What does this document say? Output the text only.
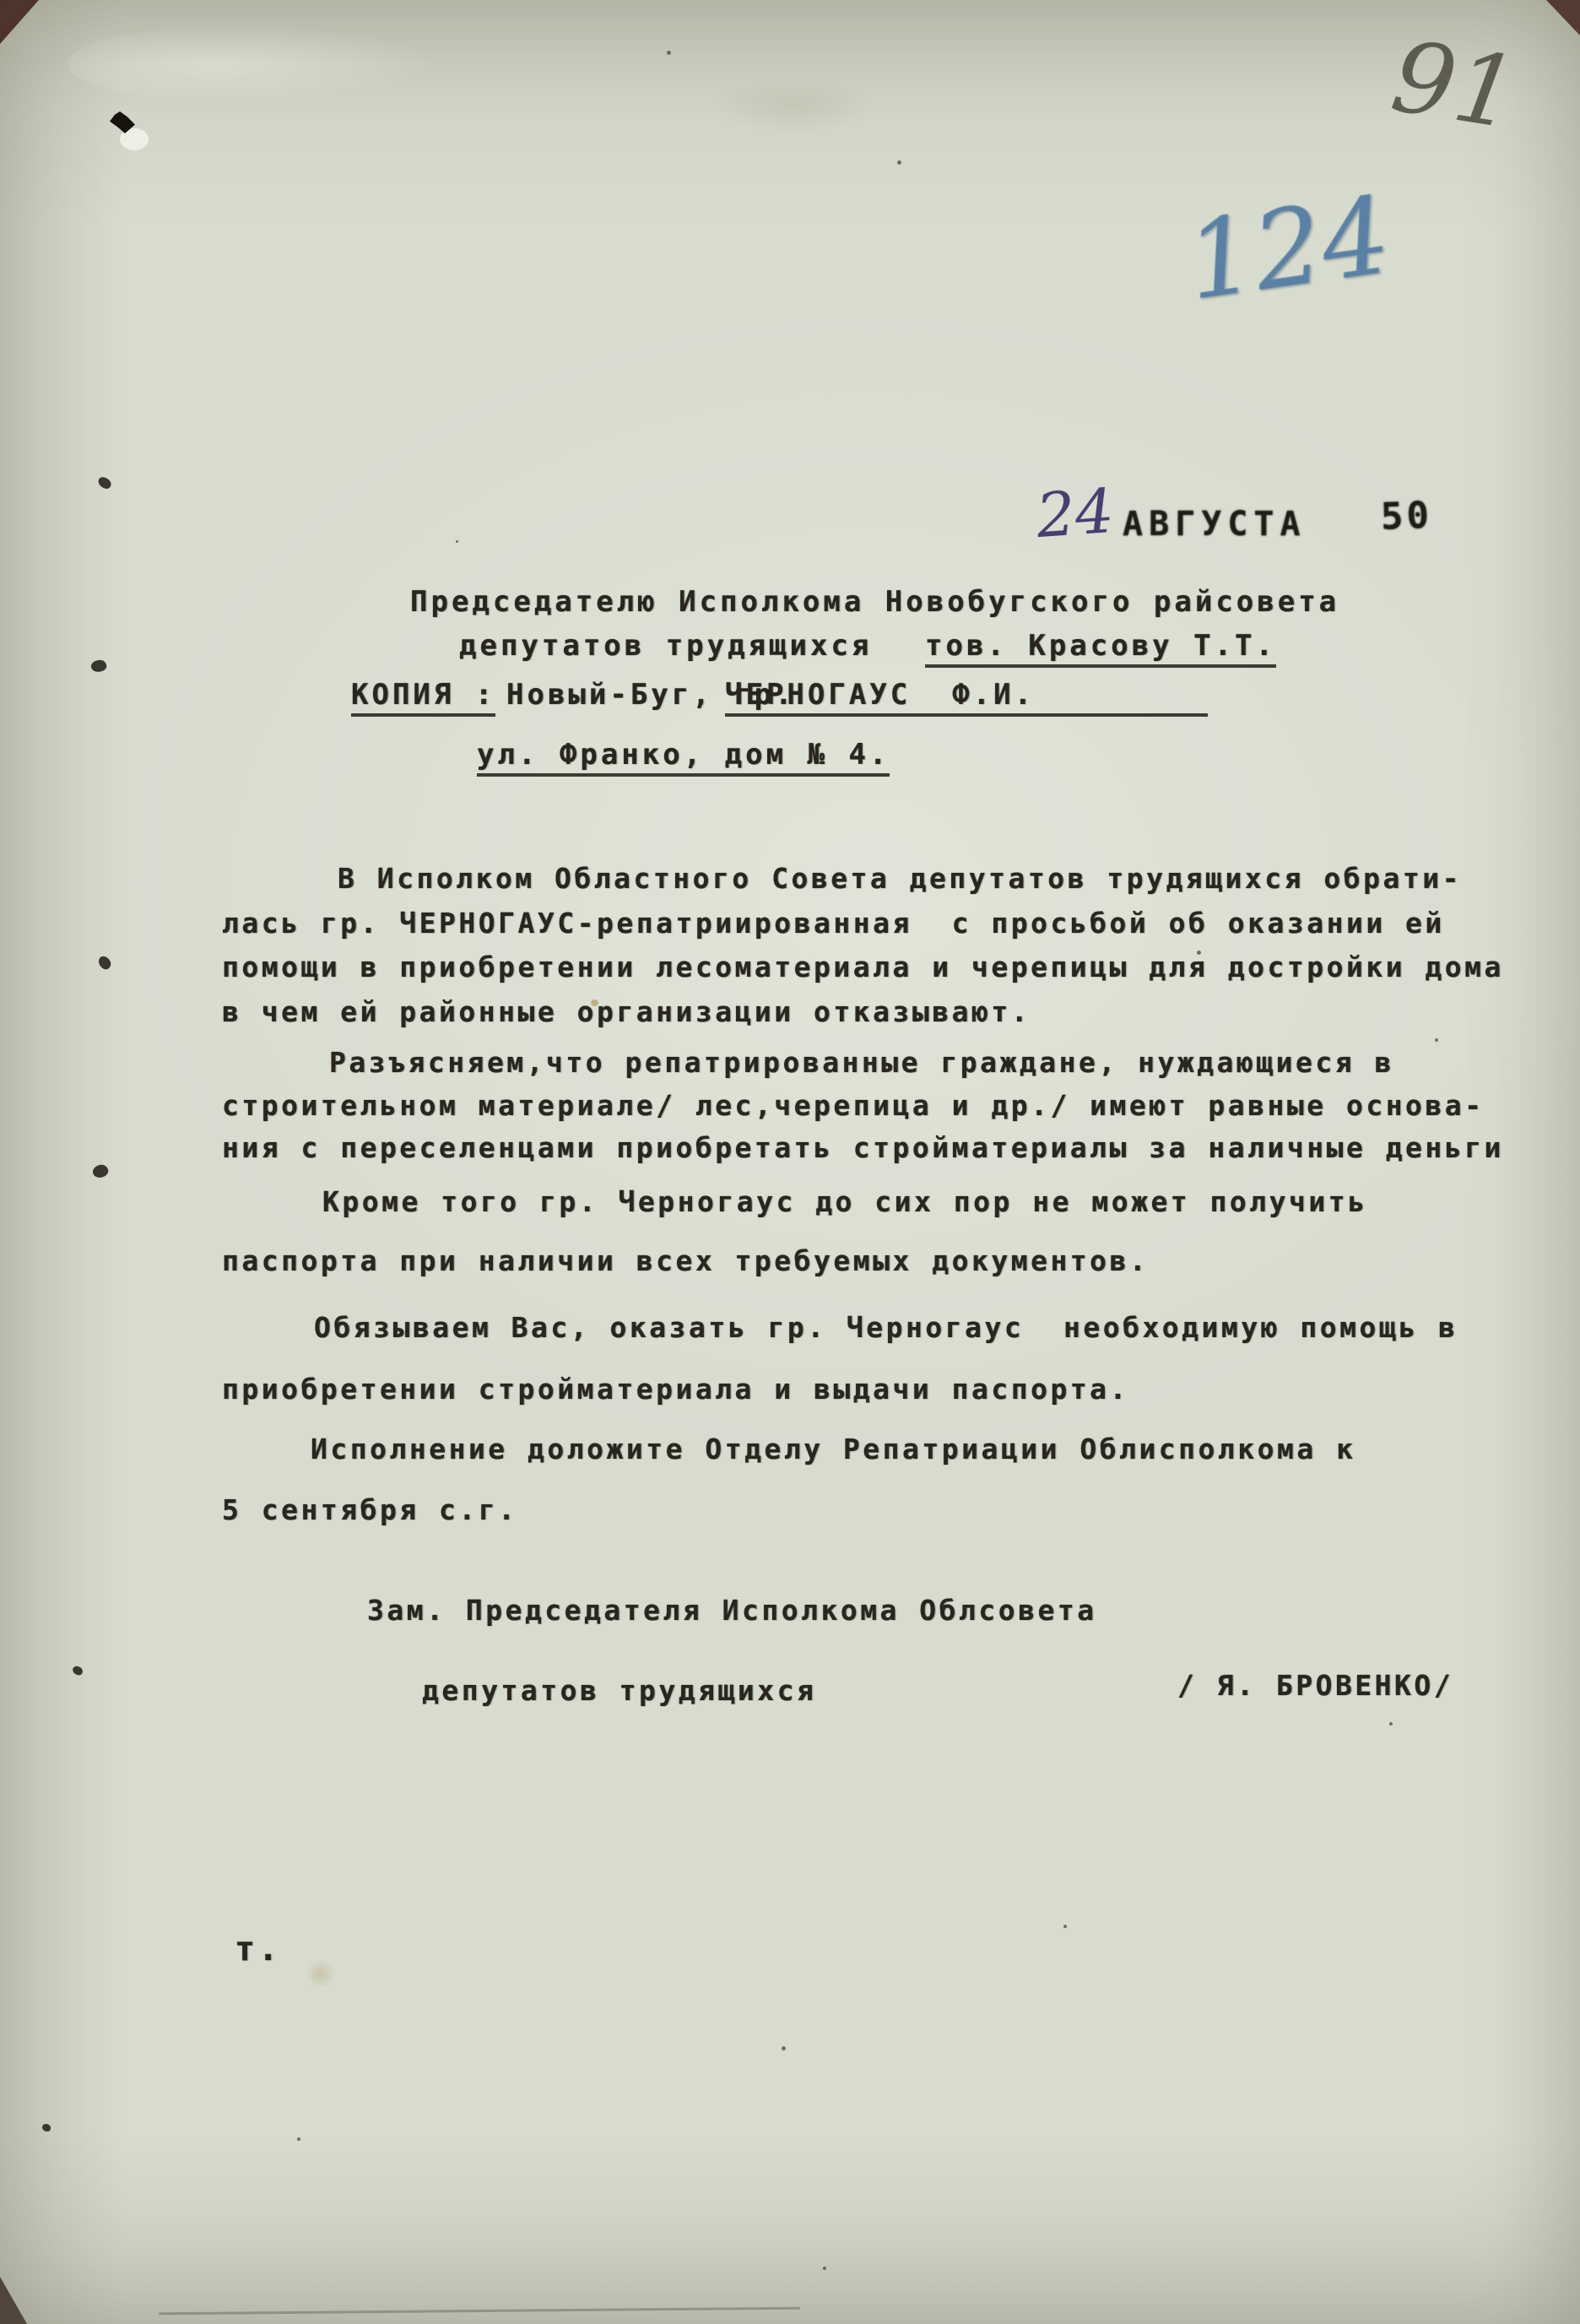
91
124
24 АВГУСТА 50
Председателю Исполкома Новобугского райсовета
депутатов трудящихся тов. Красову Т.Т.
КОПИЯ : Новый-Буг, гр.
ЧЕРНОГАУС  Ф.И.
ул. Франко, дом № 4.
В Исполком Областного Совета депутатов трудящихся обрати-
лась гр. ЧЕРНОГАУС-репатриированная  с просьбой об оказании ей
помощи в приобретении лесоматериала и черепицы для достройки дома
в чем ей районные организации отказывают.
Разъясняем,что репатрированные граждане, нуждающиеся в
строительном материале/ лес,черепица и др./ имеют равные основа-
ния с переселенцами приобретать стройматериалы за наличные деньги
Кроме того гр. Черногаус до сих пор не может получить
паспорта при наличии всех требуемых документов.
Обязываем Вас, оказать гр. Черногаус  необходимую помощь в
приобретении стройматериала и выдачи паспорта.
Исполнение доложите Отделу Репатриации Облисполкома к
5 сентября с.г.
Зам. Председателя Исполкома Облсовета
депутатов трудящихся	/ Я. БРОВЕНКО/
т.
